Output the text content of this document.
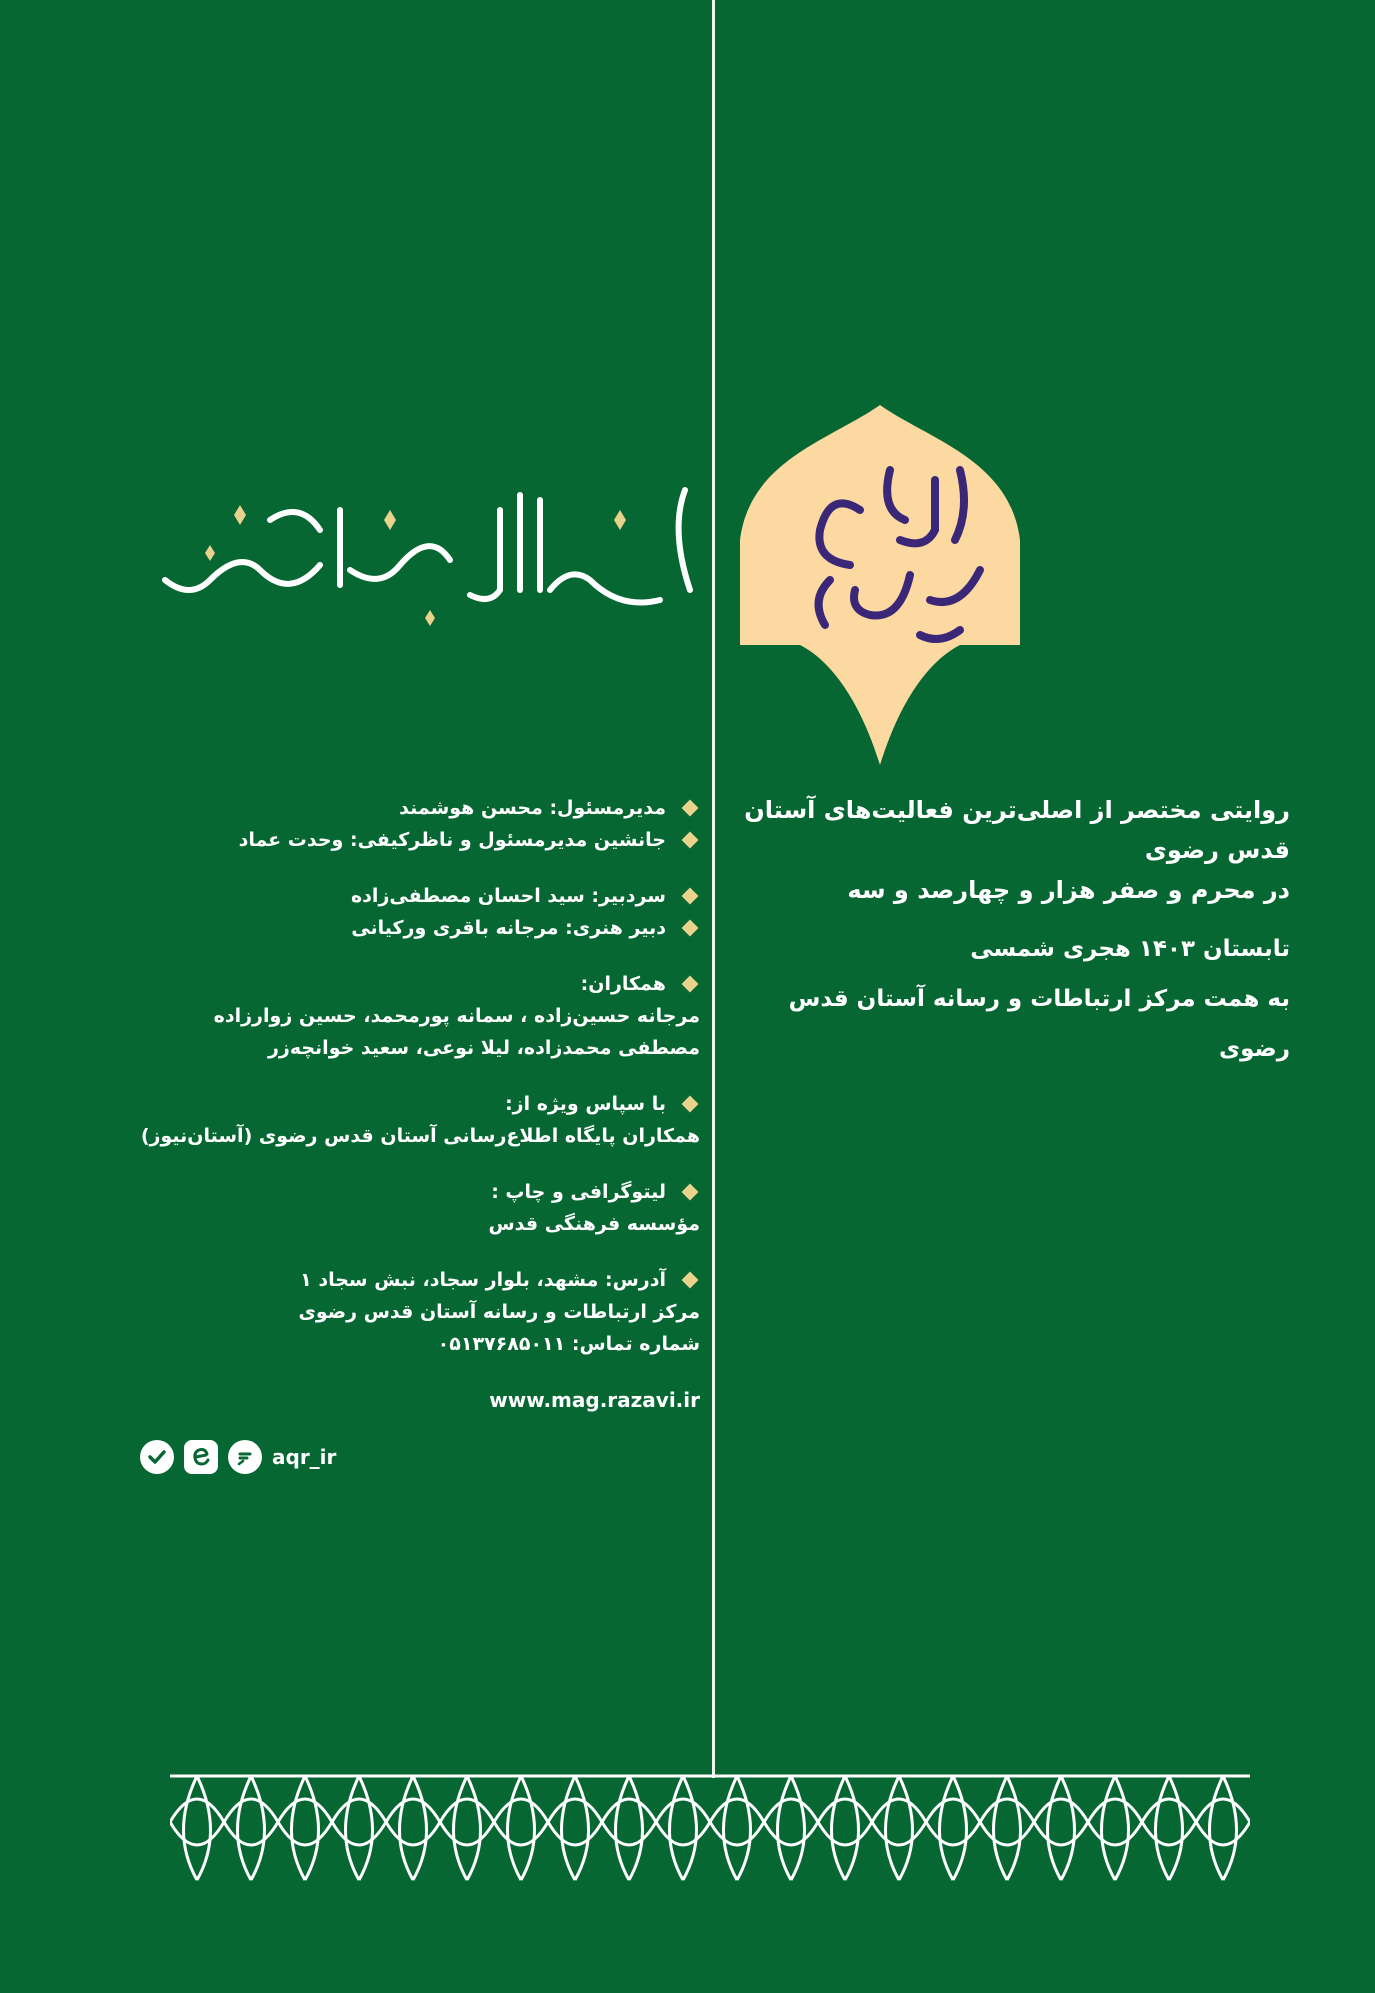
بسم الله الرحمن الرحیم
روایت خدمت
روایتی مختصر از اصلی‌ترین فعالیت‌های آستان قدس رضوی
در محرم و صفر هزار و چهارصد و سه
تابستان ۱۴۰۳ هجری شمسی
به همت مرکز ارتباطات و رسانه آستان قدس رضوی
مدیرمسئول: محسن هوشمند
جانشین مدیرمسئول و ناظرکیفی: وحدت عماد
سردبیر: سید احسان مصطفی‌زاده
دبیر هنری: مرجانه باقری ورکیانی
همکاران:
مرجانه حسین‌زاده ، سمانه پورمحمد، حسین زوارزاده
مصطفی محمدزاده، لیلا نوعی، سعید خوانچه‌زر
با سپاس ویژه از:
همکاران پایگاه اطلاع‌رسانی آستان قدس رضوی (آستان‌نیوز)
لیتوگرافی و چاپ :
مؤسسه فرهنگی قدس
آدرس: مشهد، بلوار سجاد، نبش سجاد ۱
مرکز ارتباطات و رسانه آستان قدس رضوی
شماره تماس: ۰۵۱۳۷۶۸۵۰۱۱
www.mag.razavi.ir
aqr_ir
